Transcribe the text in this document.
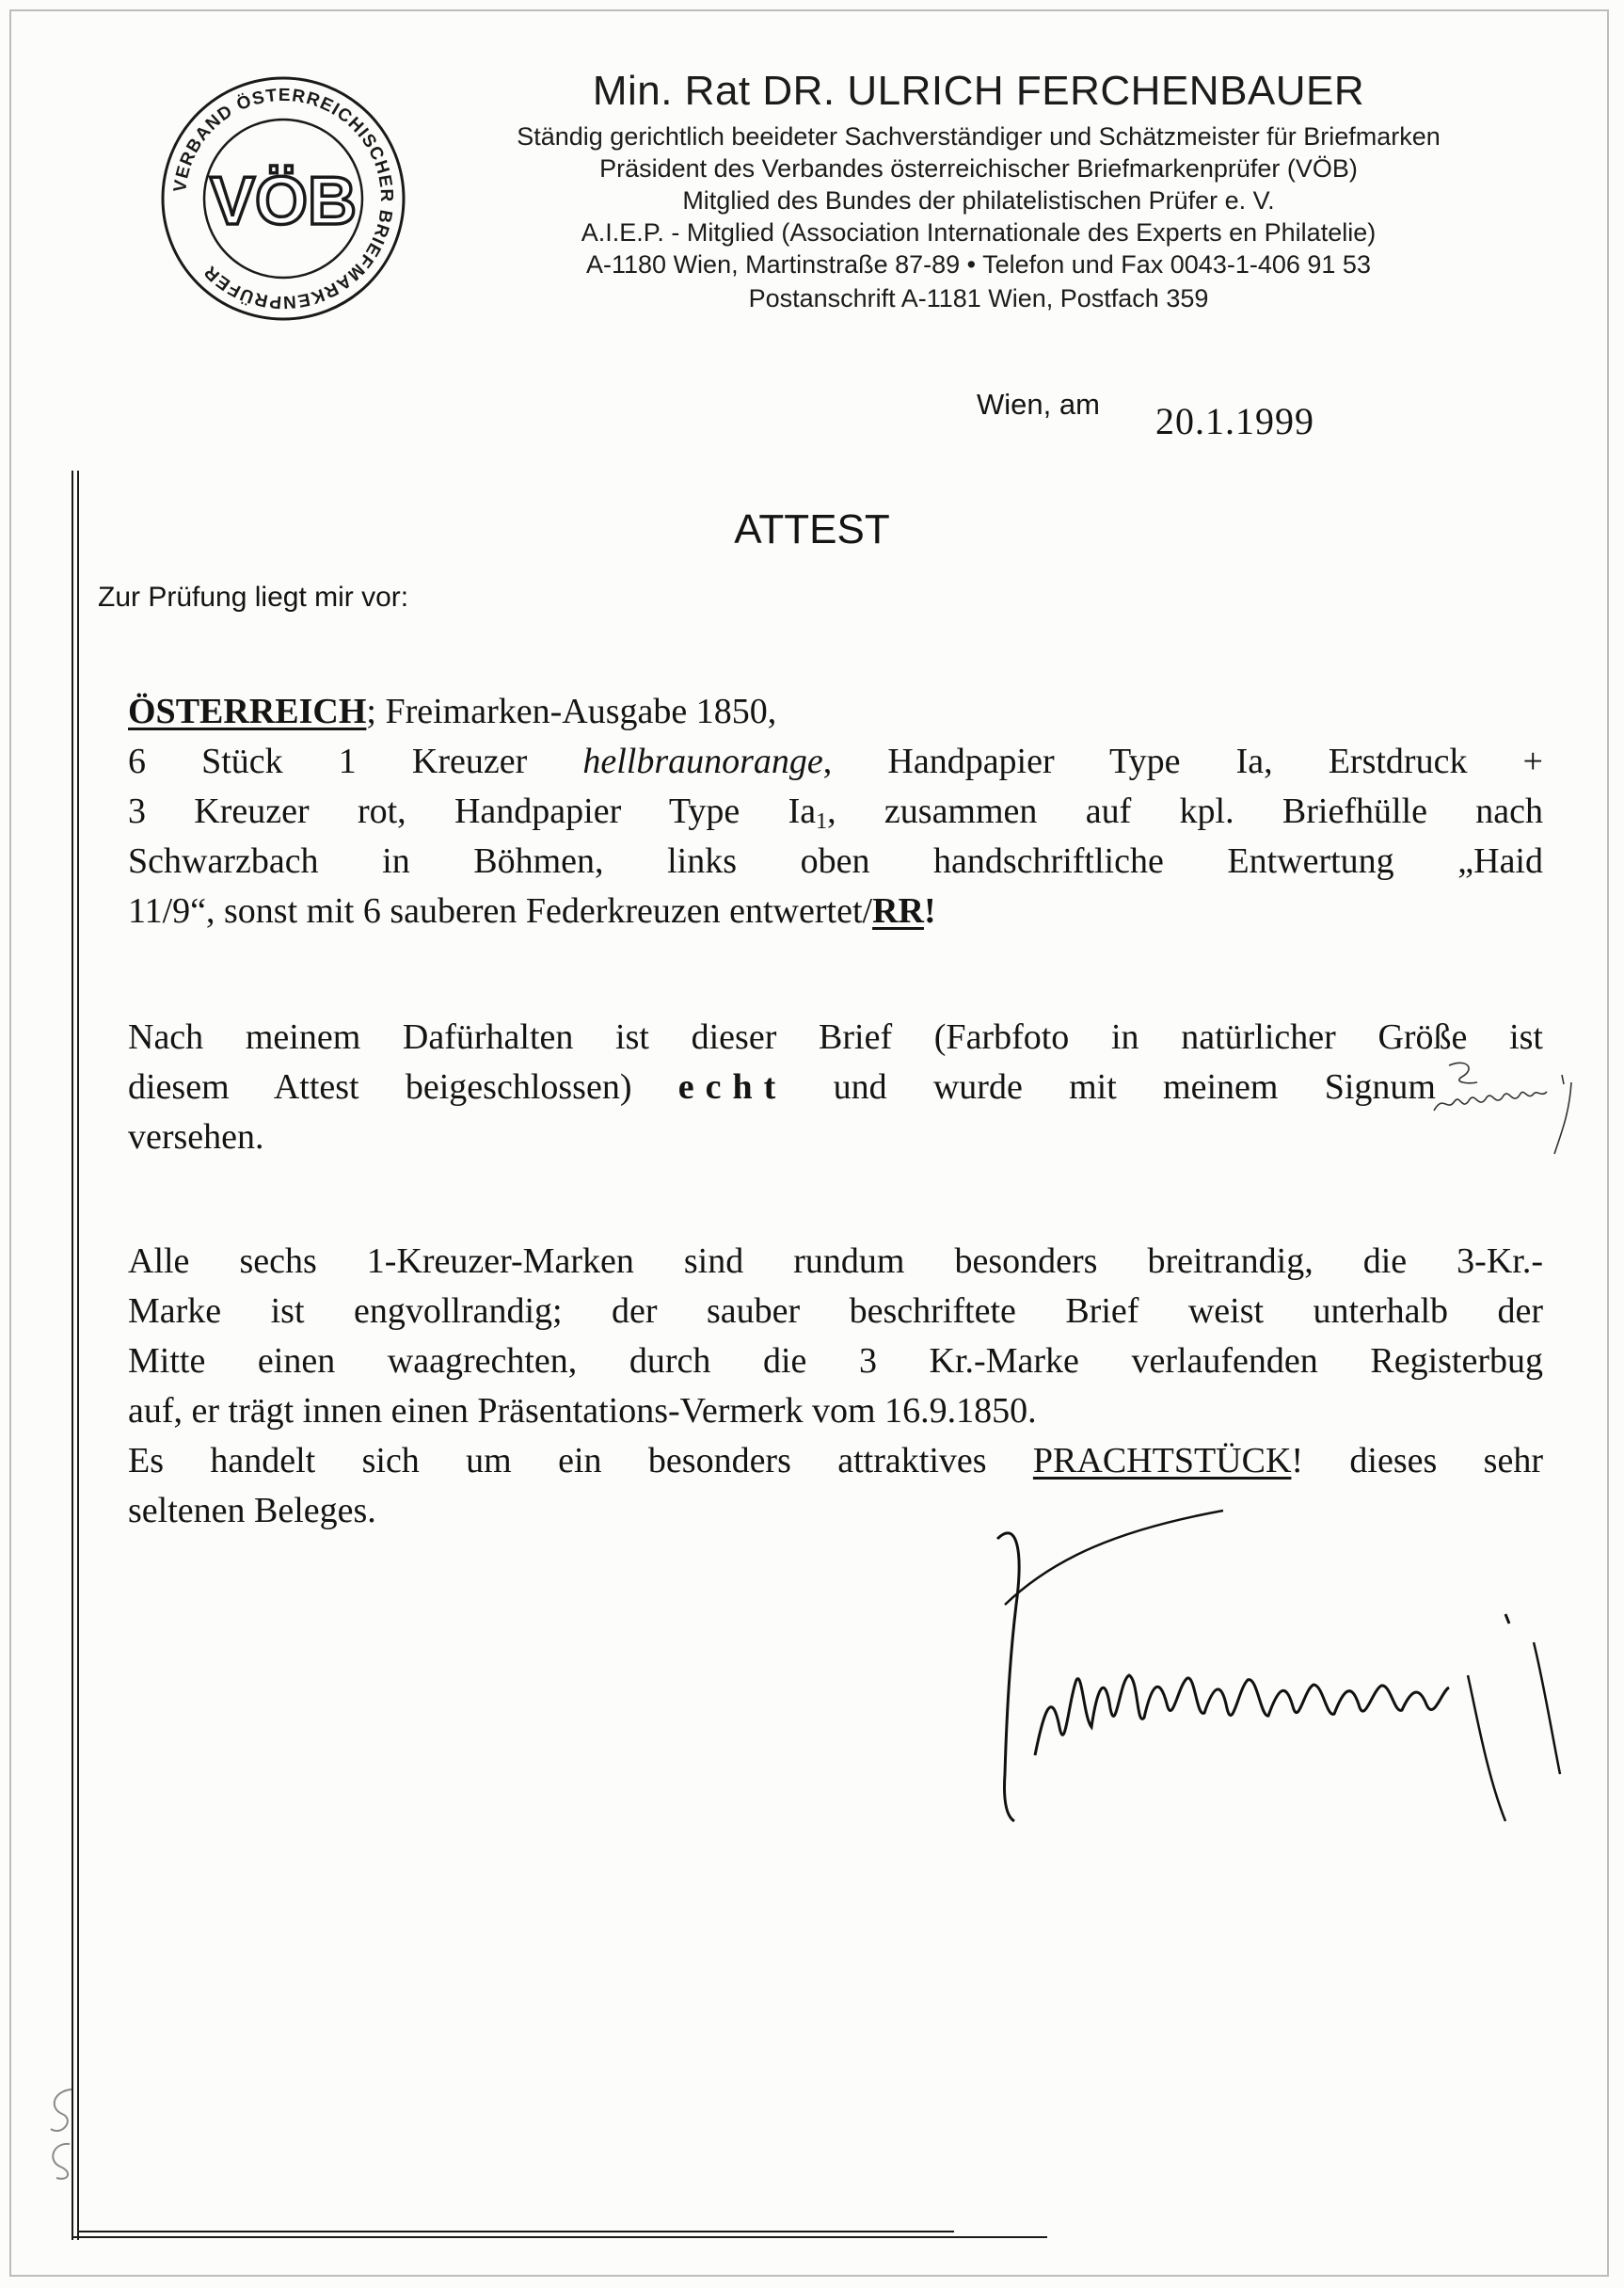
VERBAND ÖSTERREICHISCHER BRIEFMARKENPRÜFER
VÖB
Min. Rat DR. ULRICH FERCHENBAUER
Ständig gerichtlich beeideter Sachverständiger und Schätzmeister für Briefmarken
Präsident des Verbandes österreichischer Briefmarkenprüfer (VÖB)
Mitglied des Bundes der philatelistischen Prüfer e. V.
A.I.E.P. - Mitglied (Association Internationale des Experts en Philatelie)
A-1180 Wien, Martinstraße 87-89 • Telefon und Fax 0043-1-406 91 53
Postanschrift A-1181 Wien, Postfach 359
Wien, am 20.1.1999
ATTEST
Zur Prüfung liegt mir vor:
ÖSTERREICH; Freimarken-Ausgabe 1850,
6 Stück 1 Kreuzer hellbraunorange, Handpapier Type Ia, Erstdruck +
3 Kreuzer rot, Handpapier Type $Ia_1$, zusammen auf kpl. Briefhülle nach
Schwarzbach in Böhmen, links oben handschriftliche Entwertung „Haid
11/9“, sonst mit 6 sauberen Federkreuzen entwertet/RR!
Nach meinem Dafürhalten ist dieser Brief (Farbfoto in natürlicher Größe ist
diesem Attest beigeschlossen) echt und wurde mit meinem Signum
versehen.
Alle sechs 1-Kreuzer-Marken sind rundum besonders breitrandig, die 3-Kr.-
Marke ist engvollrandig; der sauber beschriftete Brief weist unterhalb der
Mitte einen waagrechten, durch die 3 Kr.-Marke verlaufenden Registerbug
auf, er trägt innen einen Präsentations-Vermerk vom 16.9.1850.
Es handelt sich um ein besonders attraktives PRACHTSTÜCK! dieses sehr
seltenen Beleges.
